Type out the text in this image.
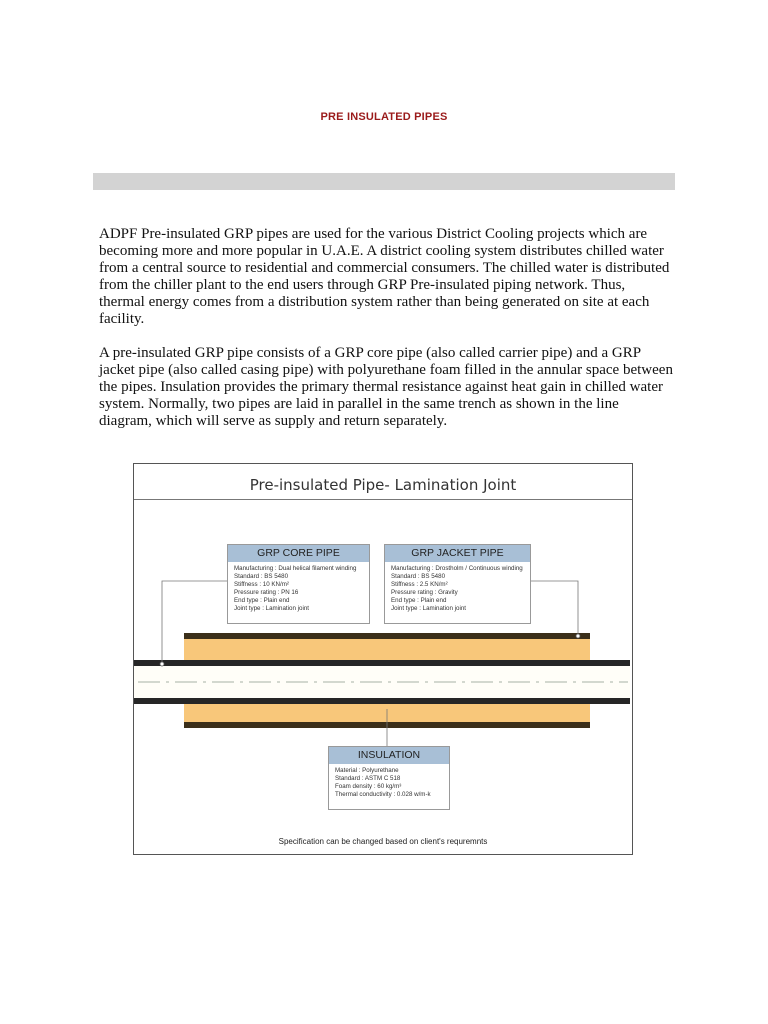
PRE INSULATED PIPES

ADPF Pre-insulated GRP pipes are used for the various District Cooling projects which are becoming more and more popular in U.A.E. A district cooling system distributes chilled water from a central source to residential and commercial consumers. The chilled water is distributed from the chiller plant to the end users through GRP Pre-insulated piping network. Thus, thermal energy comes from a distribution system rather than being generated on site at each facility.

A pre-insulated GRP pipe consists of a GRP core pipe (also called carrier pipe) and a GRP jacket pipe (also called casing pipe) with polyurethane foam filled in the annular space between the pipes. Insulation provides the primary thermal resistance against heat gain in chilled water system. Normally, two pipes are laid in parallel in the same trench as shown in the line diagram, which will serve as supply and return separately.

Pre-insulated Pipe- Lamination Joint
GRP CORE PIPE
Manufacturing : Dual helical filament winding
Standard : BS 5480
Stiffness : 10 KN/m²
Pressure rating : PN 16
End type : Plain end
Joint type : Lamination joint
GRP JACKET PIPE
Manufacturing : Drostholm / Continuous winding
Standard : BS 5480
Stiffness : 2.5 KN/m²
Pressure rating : Gravity
End type : Plain end
Joint type : Lamination joint
INSULATION
Material : Polyurethane
Standard : ASTM C 518
Foam density : 60 kg/m³
Thermal conductivity : 0.028 w/m-k
Specification can be changed based on client's requremnts
